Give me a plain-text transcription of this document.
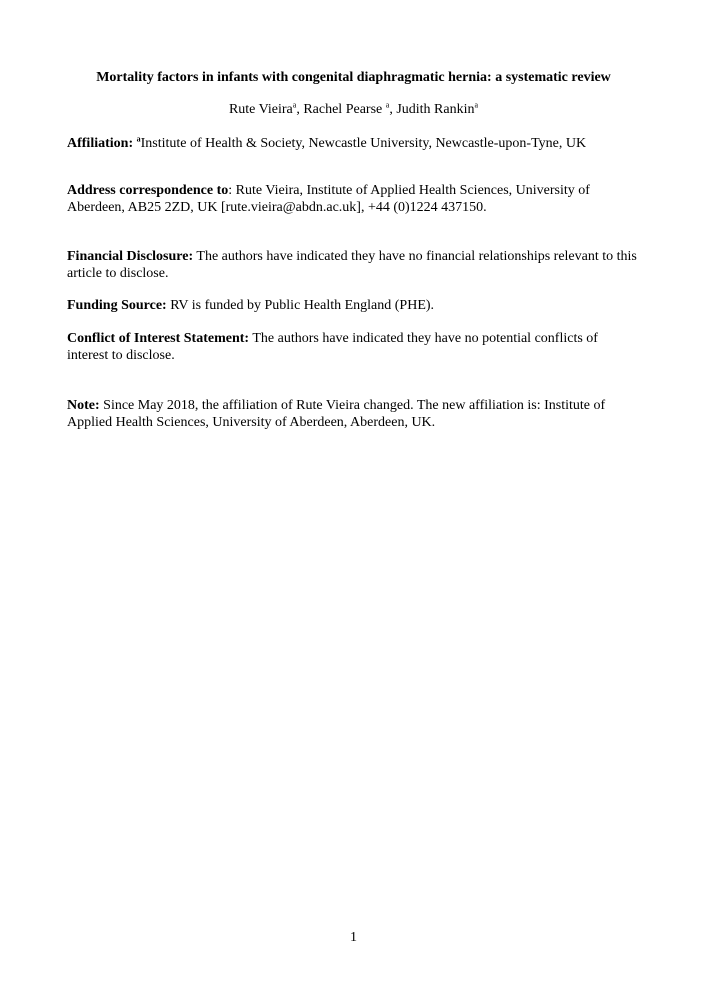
Mortality factors in infants with congenital diaphragmatic hernia: a systematic review
Rute Vieira$^a$, Rachel Pearse $^a$, Judith Rankin$^a$
Affiliation: $^a$Institute of Health & Society, Newcastle University, Newcastle-upon-Tyne, UK
Address correspondence to: Rute Vieira, Institute of Applied Health Sciences, University of Aberdeen, AB25 2ZD, UK [rute.vieira@abdn.ac.uk], +44 (0)1224 437150.
Financial Disclosure: The authors have indicated they have no financial relationships relevant to this article to disclose.
Funding Source: RV is funded by Public Health England (PHE).
Conflict of Interest Statement: The authors have indicated they have no potential conflicts of interest to disclose.
Note: Since May 2018, the affiliation of Rute Vieira changed. The new affiliation is: Institute of Applied Health Sciences, University of Aberdeen, Aberdeen, UK.
1
